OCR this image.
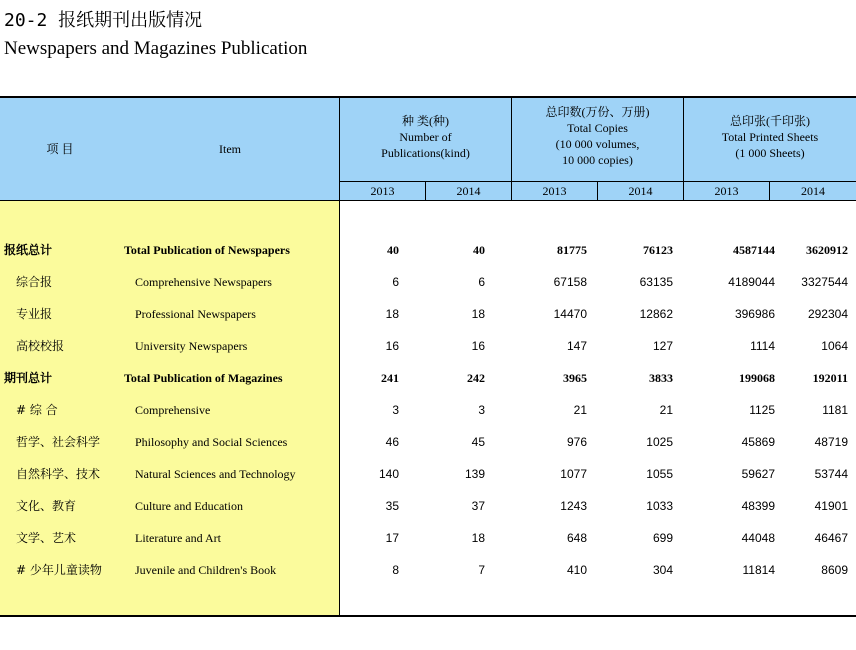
20-2 报纸期刊出版情况
Newspapers and Magazines Publication
项 目	Item
种 类(种)
Number of
Publications(kind)
总印数(万份、万册)
Total Copies
(10 000 volumes,
10 000 copies)
总印张(千印张)
Total Printed Sheets
(1 000 Sheets)
2013	2014	2013	2014	2013	2014
报纸总计	Total Publication of Newspapers	40	40	81775	76123	4587144	3620912
综合报	Comprehensive Newspapers	6	6	67158	63135	4189044	3327544
专业报	Professional Newspapers	18	18	14470	12862	396986	292304
高校校报	University Newspapers	16	16	147	127	1114	1064
期刊总计	Total Publication of Magazines	241	242	3965	3833	199068	192011
# 综 合	Comprehensive	3	3	21	21	1125	1181
哲学、社会科学	Philosophy and Social Sciences	46	45	976	1025	45869	48719
自然科学、技术	Natural Sciences and Technology	140	139	1077	1055	59627	53744
文化、教育	Culture and Education	35	37	1243	1033	48399	41901
文学、艺术	Literature and Art	17	18	648	699	44048	46467
# 少年儿童读物	Juvenile and Children's Book	8	7	410	304	11814	8609
